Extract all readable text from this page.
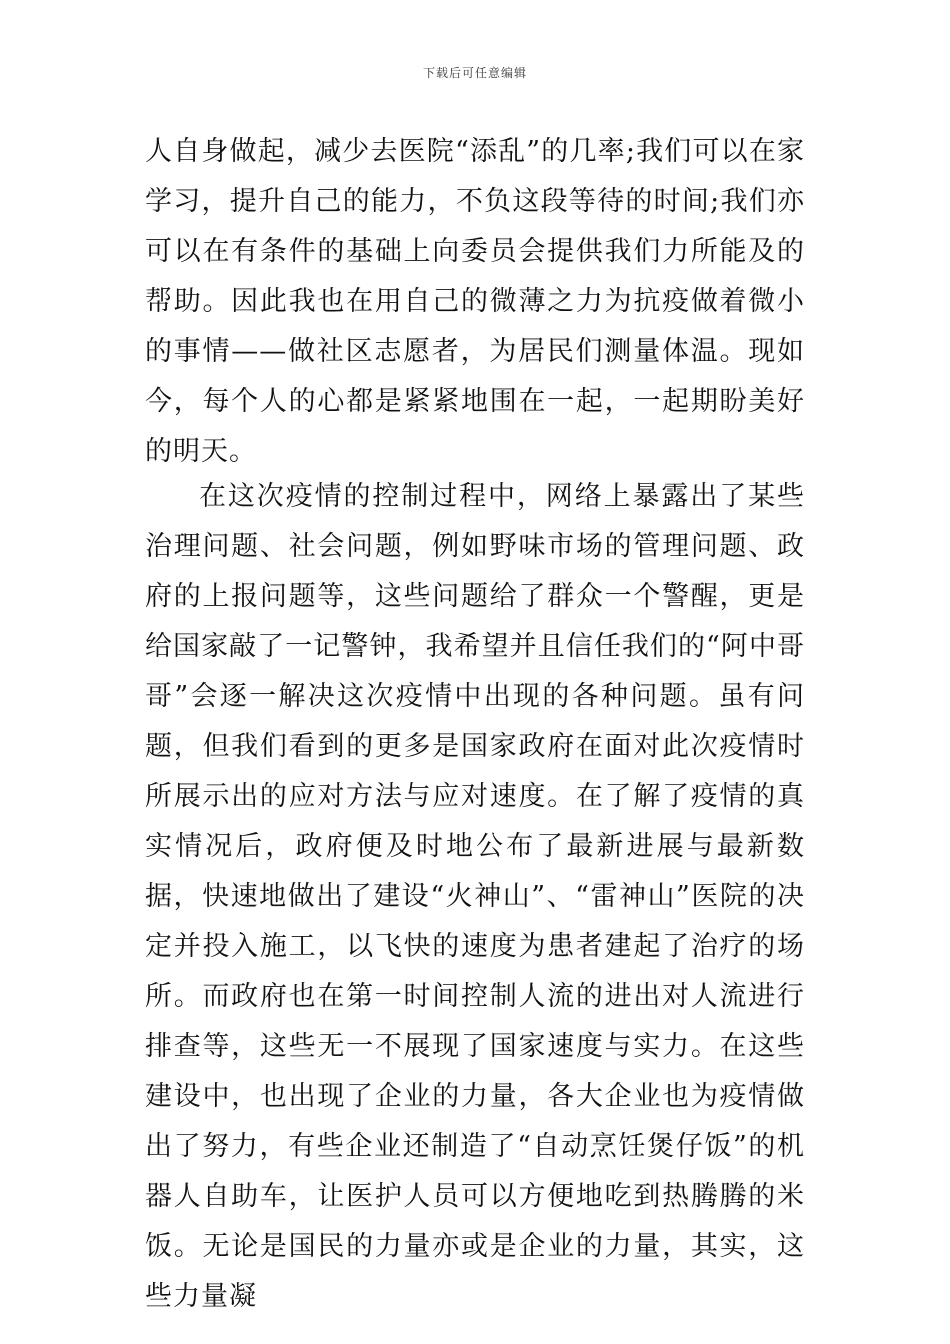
下载后可任意编辑

人自身做起，减少去医院“添乱”的几率;我们可以在家学习，提升自己的能力，不负这段等待的时间;我们亦可以在有条件的基础上向委员会提供我们力所能及的帮助。因此我也在用自己的微薄之力为抗疫做着微小的事情——做社区志愿者，为居民们测量体温。现如今，每个人的心都是紧紧地围在一起，一起期盼美好的明天。

在这次疫情的控制过程中，网络上暴露出了某些治理问题、社会问题，例如野味市场的管理问题、政府的上报问题等，这些问题给了群众一个警醒，更是给国家敲了一记警钟，我希望并且信任我们的“阿中哥哥”会逐一解决这次疫情中出现的各种问题。虽有问题，但我们看到的更多是国家政府在面对此次疫情时所展示出的应对方法与应对速度。在了解了疫情的真实情况后，政府便及时地公布了最新进展与最新数据，快速地做出了建设“火神山”、“雷神山”医院的决定并投入施工，以飞快的速度为患者建起了治疗的场所。而政府也在第一时间控制人流的进出对人流进行排查等，这些无一不展现了国家速度与实力。在这些建设中，也出现了企业的力量，各大企业也为疫情做出了努力，有些企业还制造了“自动烹饪煲仔饭”的机器人自助车，让医护人员可以方便地吃到热腾腾的米饭。无论是国民的力量亦或是企业的力量，其实，这些力量凝
